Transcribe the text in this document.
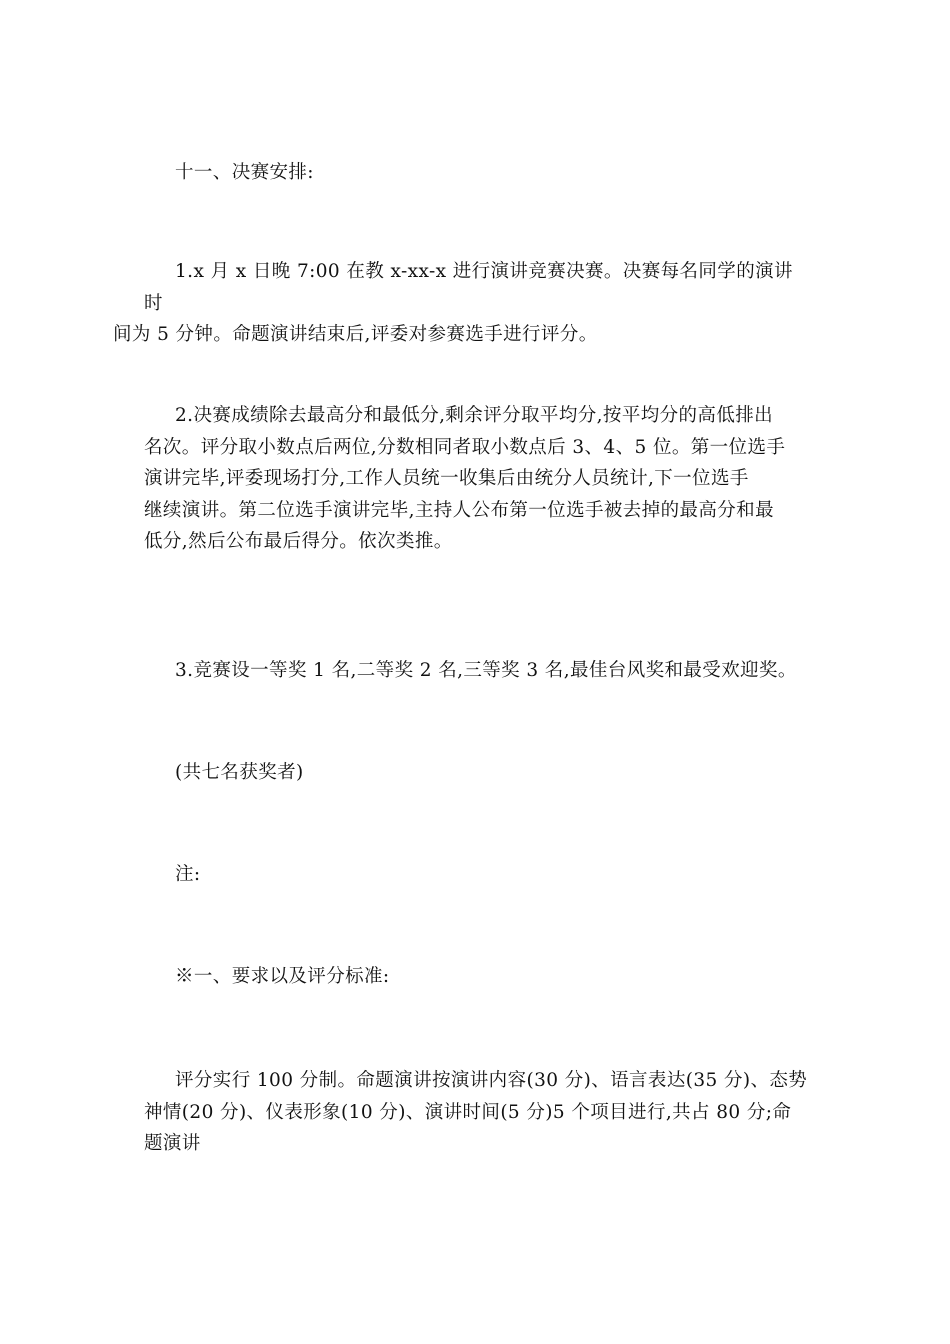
十一、决赛安排:

1.x 月 x 日晚 7:00 在教 x-xx-x 进行演讲竞赛决赛。决赛每名同学的演讲时
间为 5 分钟。命题演讲结束后,评委对参赛选手进行评分。

2.决赛成绩除去最高分和最低分,剩余评分取平均分,按平均分的高低排出
名次。评分取小数点后两位,分数相同者取小数点后 3、4、5 位。第一位选手
演讲完毕,评委现场打分,工作人员统一收集后由统分人员统计,下一位选手
继续演讲。第二位选手演讲完毕,主持人公布第一位选手被去掉的最高分和最
低分,然后公布最后得分。依次类推。

3.竞赛设一等奖 1 名,二等奖 2 名,三等奖 3 名,最佳台风奖和最受欢迎奖。

(共七名获奖者)

注:

※一、要求以及评分标准:

评分实行 100 分制。命题演讲按演讲内容(30 分)、语言表达(35 分)、态势
神情(20 分)、仪表形象(10 分)、演讲时间(5 分)5 个项目进行,共占 80 分;命
题演讲
